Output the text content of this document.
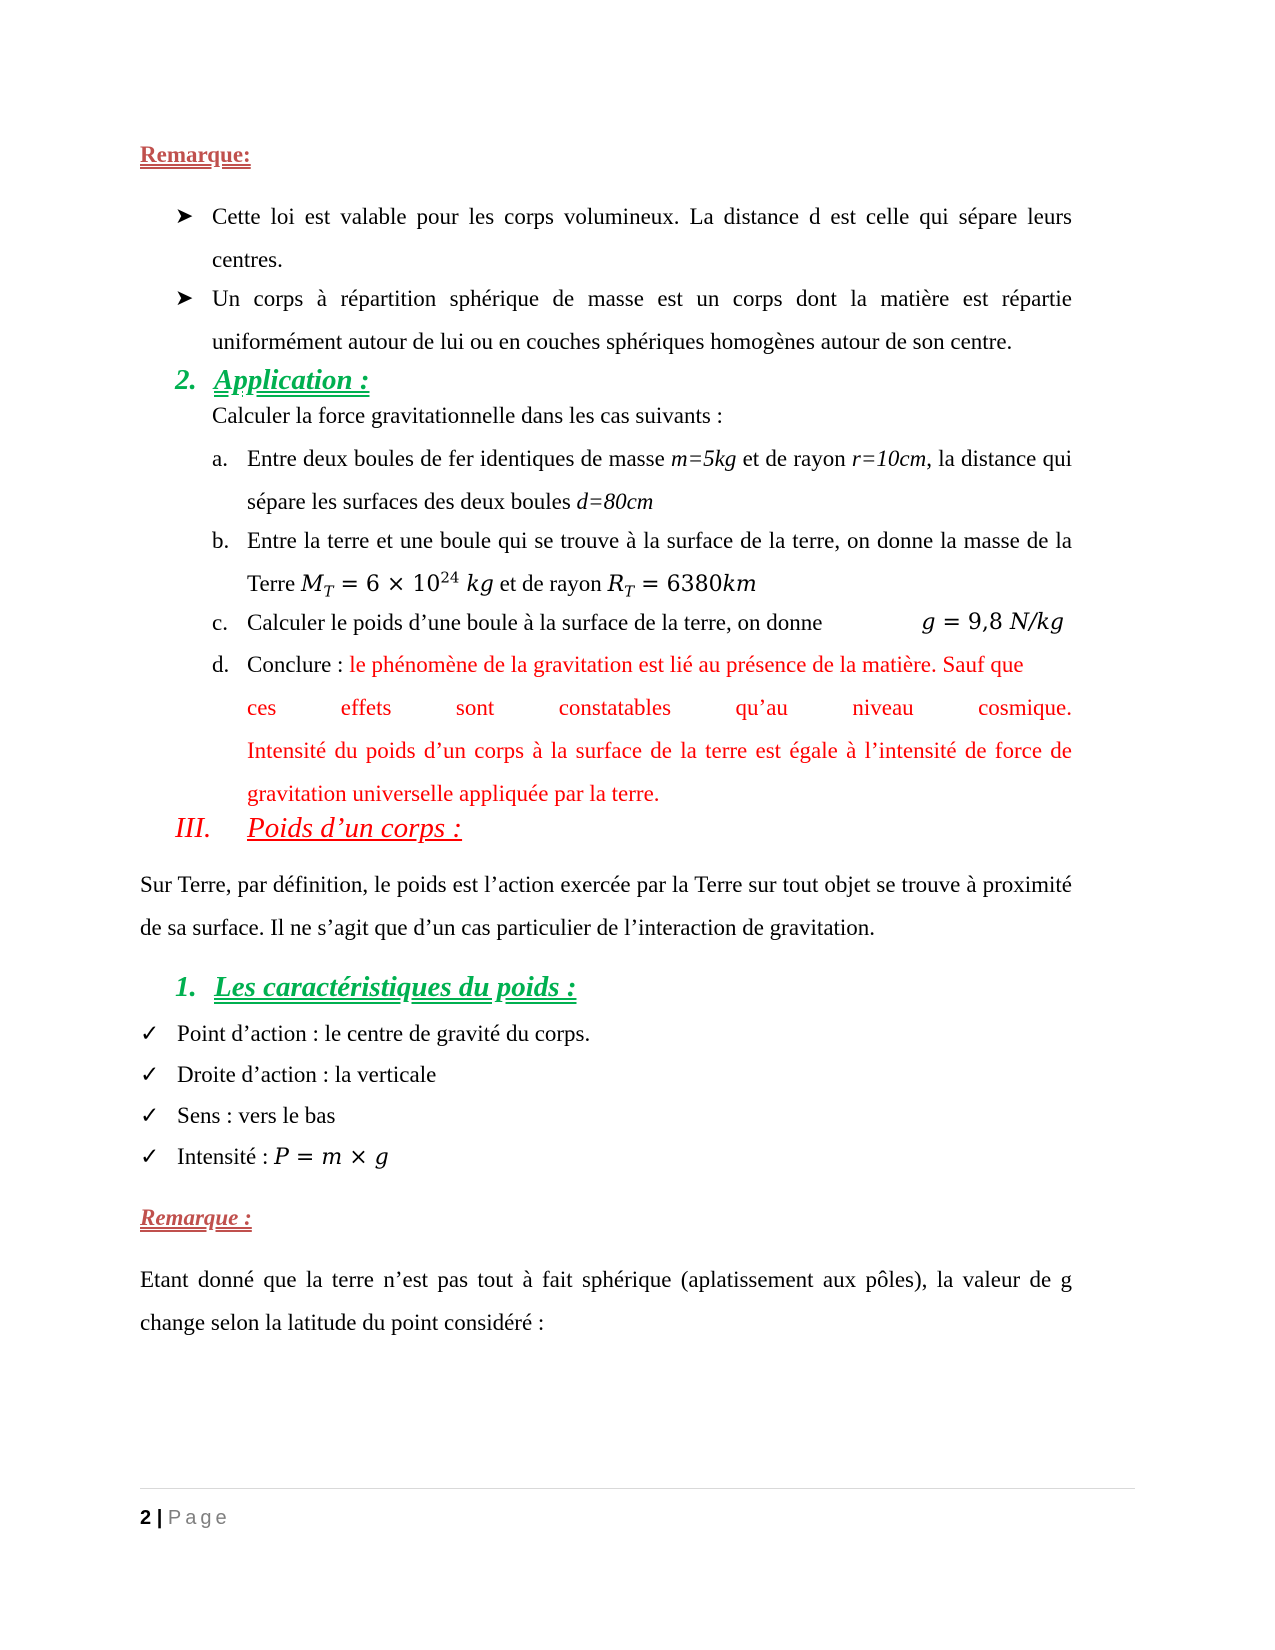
Remarque:
➤ Cette loi est valable pour les corps volumineux. La distance d est celle qui sépare leurs centres.
➤ Un corps à répartition sphérique de masse est un corps dont la matière est répartie uniformément autour de lui ou en couches sphériques homogènes autour de son centre.
2. Application :
Calculer la force gravitationnelle dans les cas suivants :
a. Entre deux boules de fer identiques de masse m=5kg et de rayon r=10cm, la distance qui sépare les surfaces des deux boules d=80cm
b. Entre la terre et une boule qui se trouve à la surface de la terre, on donne la masse de la Terre $M_T = 6 \times 10^{24}$ kg et de rayon $R_T = 6380km$
c. Calculer le poids d’une boule à la surface de la terre, on donne	g = 9,8 N/kg
d. Conclure : le phénomène de la gravitation est lié au présence de la matière. Sauf que
ces effets sont constatables qu’au niveau cosmique.
Intensité du poids d’un corps à la surface de la terre est égale à l’intensité de force de gravitation universelle appliquée par la terre.
III. Poids d’un corps :
Sur Terre, par définition, le poids est l’action exercée par la Terre sur tout objet se trouve à proximité de sa surface. Il ne s’agit que d’un cas particulier de l’interaction de gravitation.
1. Les caractéristiques du poids :
✓ Point d’action : le centre de gravité du corps.
✓ Droite d’action : la verticale
✓ Sens : vers le bas
✓ Intensité : P = m × g
Remarque :
Etant donné que la terre n’est pas tout à fait sphérique (aplatissement aux pôles), la valeur de g change selon la latitude du point considéré :
2 | Page
